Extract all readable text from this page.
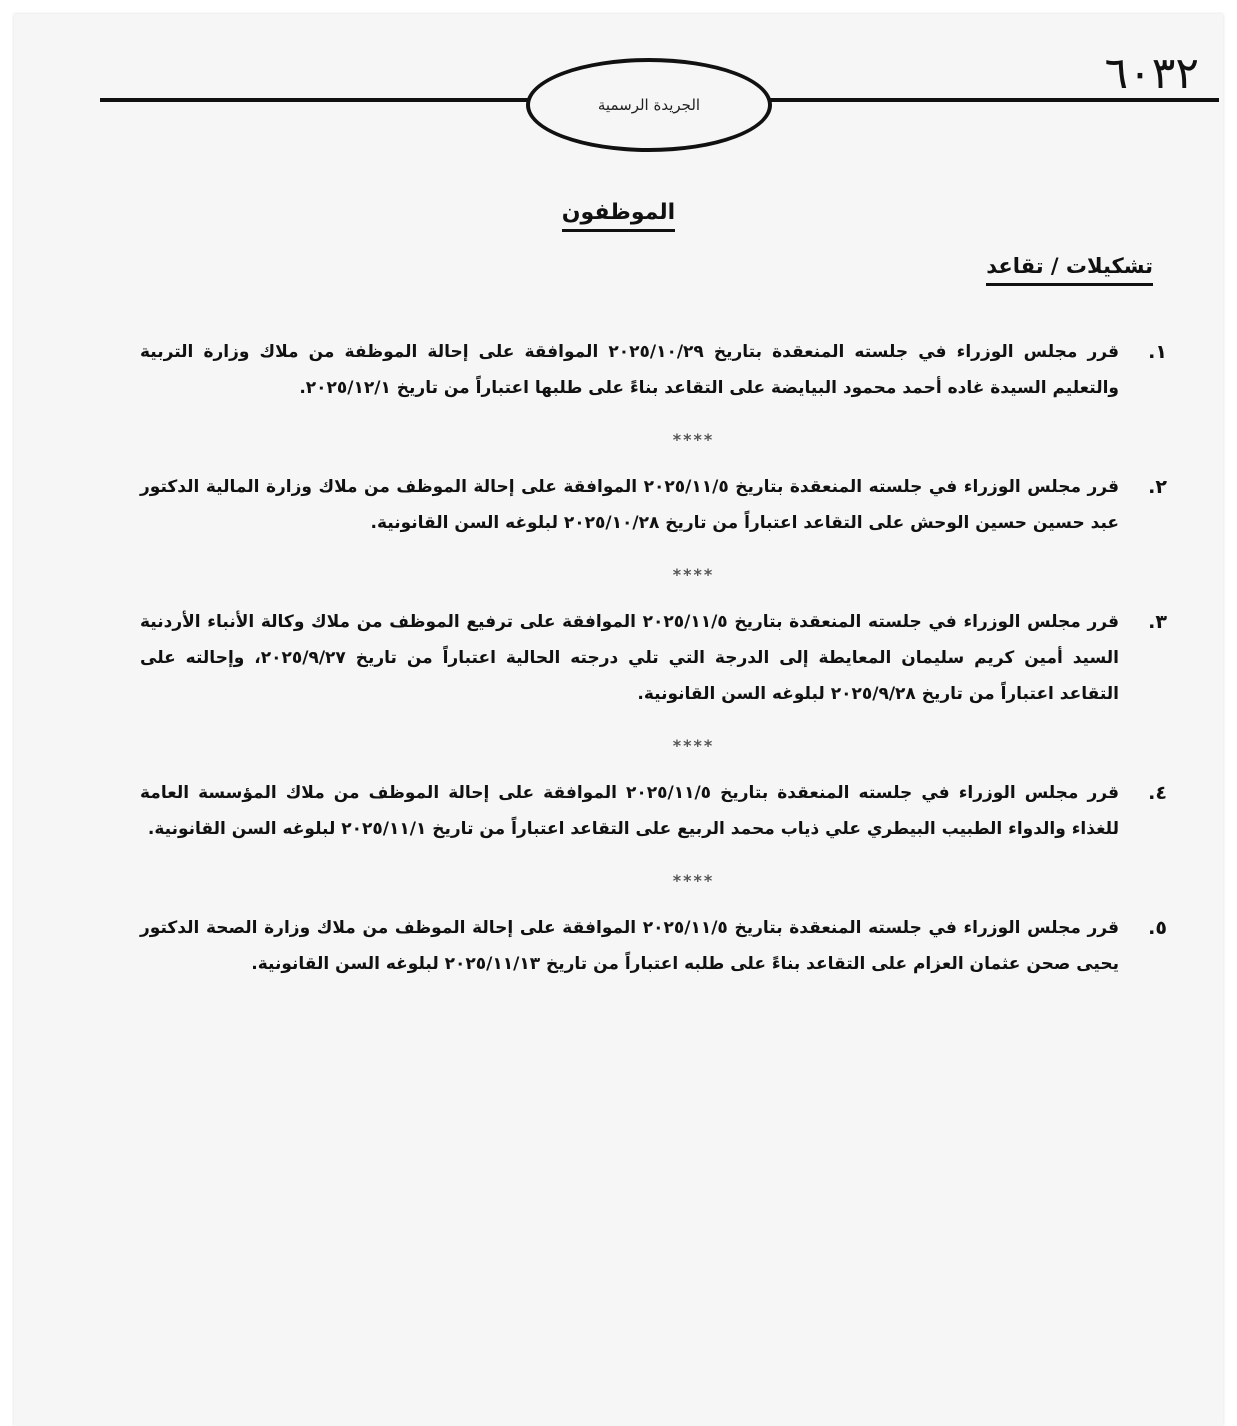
٦٠٣٢
الجريدة الرسمية
الموظفون
تشكيلات / تقاعد
١.
قرر مجلس الوزراء في جلسته المنعقدة بتاريخ ٢٠٢٥/١٠/٢٩ الموافقة على إحالة الموظفة من ملاك وزارة التربية والتعليم السيدة غاده أحمد محمود البيايضة على التقاعد بناءً على طلبها اعتباراً من تاريخ ٢٠٢٥/١٢/١.
****
٢.
قرر مجلس الوزراء في جلسته المنعقدة بتاريخ ٢٠٢٥/١١/٥ الموافقة على إحالة الموظف من ملاك وزارة المالية الدكتور عبد حسين حسين الوحش على التقاعد اعتباراً من تاريخ ٢٠٢٥/١٠/٢٨ لبلوغه السن القانونية.
****
٣.
قرر مجلس الوزراء في جلسته المنعقدة بتاريخ ٢٠٢٥/١١/٥ الموافقة على ترفيع الموظف من ملاك وكالة الأنباء الأردنية السيد أمين كريم سليمان المعايطة إلى الدرجة التي تلي درجته الحالية اعتباراً من تاريخ ٢٠٢٥/٩/٢٧، وإحالته على التقاعد اعتباراً من تاريخ ٢٠٢٥/٩/٢٨ لبلوغه السن القانونية.
****
٤.
قرر مجلس الوزراء في جلسته المنعقدة بتاريخ ٢٠٢٥/١١/٥ الموافقة على إحالة الموظف من ملاك المؤسسة العامة للغذاء والدواء الطبيب البيطري علي ذياب محمد الربيع على التقاعد اعتباراً من تاريخ ٢٠٢٥/١١/١ لبلوغه السن القانونية.
****
٥.
قرر مجلس الوزراء في جلسته المنعقدة بتاريخ ٢٠٢٥/١١/٥ الموافقة على إحالة الموظف من ملاك وزارة الصحة الدكتور يحيى صحن عثمان العزام على التقاعد بناءً على طلبه اعتباراً من تاريخ ٢٠٢٥/١١/١٣ لبلوغه السن القانونية.
